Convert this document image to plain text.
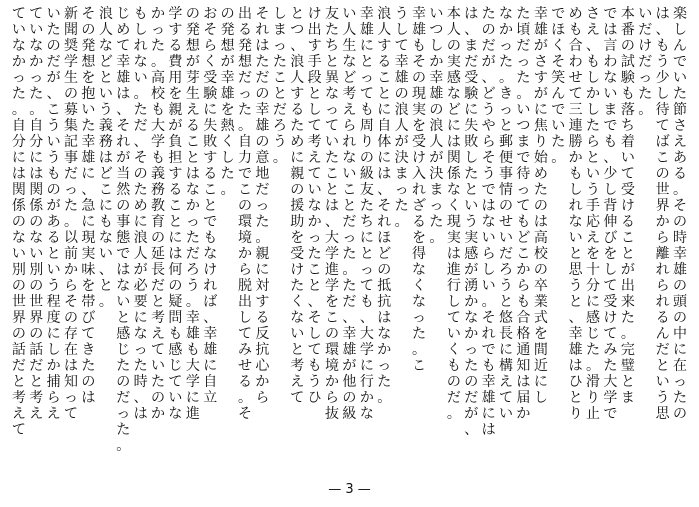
楽しんでいた節さえある。その時幸雄の頭の中に在ったの
は、もう少し待てばこの世界から離れられるんだという思
いだけだった。
本番の試験も落ち着いて受けることが出来た。完璧とま
では言わないまでも、少し背伸びをして受けてみた大学で
さえ、もしかしたらという手応えを十分に感じた。滑り止
めも合わせて三連勝かもしれないと思うと、幸雄はひとり
でほくそ笑んでいた。
幸雄がさすがに焦り始めたのは高校の卒業式を間近にし
た頃だった。いつまで待ってもどこからも合格通知は届か
なかった。きっと郵便事情のせいだろうと悠長に構えてい
たのだが、どうやらそうではないらしい。それでも幸雄には
は、まだ受験に失敗したという実感が湧かなかったのだが、
本人の実感などには関係なく現実は進行していくものだ。
いつしか幸雄の浪人が決まった。
幸雄もその現実を受け入れざるを得なくなった。こ
うして幸雄の浪人が決まった。
浪人することに自体には、それほどの抵抗はなかった。
幸雄にとっても周りの級友たちにとっても、大学に行かな
い人生など考えられないことだった。ただ、幸雄が他の級
友たちと異なっていたことは、大学進学をこの環境から抜
け出す手段として考えていなかったこと、そしてもうひ
とつ、浪人するために親の援助を受けたくないと考えて
しまったことだろう。
それはただの幸雄の意地だった。親に対する反抗心から
出る発想だった。自力でこの環境から脱出してみせる。そ
の発想が幸雄を熱くした。
おそらく受験に失敗することでもなければ、幸雄に自立
の発想が芽生えることはなかっただろう。幸雄も大学に進
学する費用を親が負担することには何の疑問も感じていな
かった。高校も大学も義務教育の延長だと考えていたのか
もしれない。ただ、そのために浪人が必要になった時、は
じめて幸雄は、それが当然の事態ではないと感じたのだった。
浪人などという義務はどこにもない、と。
その発想を抱いた幸雄に、急に現実味を帯びてきたのは
新聞奨学生の募集記事だった。以前からその存在は知って
いたのだが、こういうものがあるという程度にしか捕らえ
ていなかった。自分には関係のない別の世界の話だと考え
ていなかった。自分には関係のない別の世界の話だと考えて
— 3 —
